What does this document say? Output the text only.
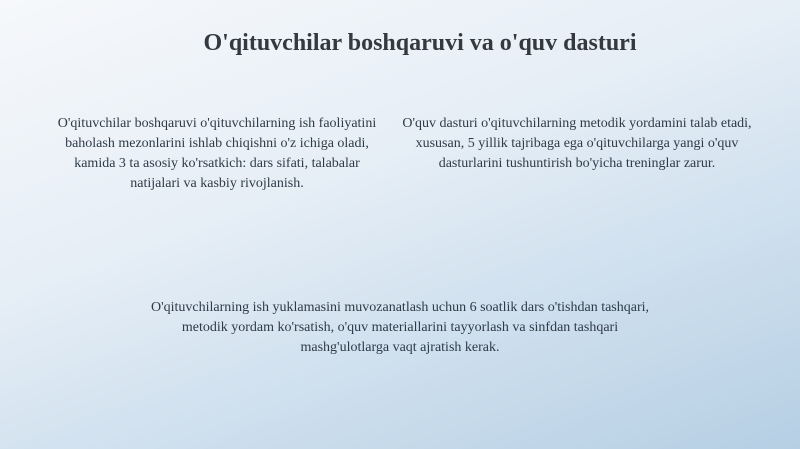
O'qituvchilar boshqaruvi va o'quv dasturi
O'qituvchilar boshqaruvi o'qituvchilarning ish faoliyatini baholash mezonlarini ishlab chiqishni o'z ichiga oladi, kamida 3 ta asosiy ko'rsatkich: dars sifati, talabalar natijalari va kasbiy rivojlanish.
O'quv dasturi o'qituvchilarning metodik yordamini talab etadi, xususan, 5 yillik tajribaga ega o'qituvchilarga yangi o'quv dasturlarini tushuntirish bo'yicha treninglar zarur.
O'qituvchilarning ish yuklamasini muvozanatlash uchun 6 soatlik dars o'tishdan tashqari, metodik yordam ko'rsatish, o'quv materiallarini tayyorlash va sinfdan tashqari mashg'ulotlarga vaqt ajratish kerak.
